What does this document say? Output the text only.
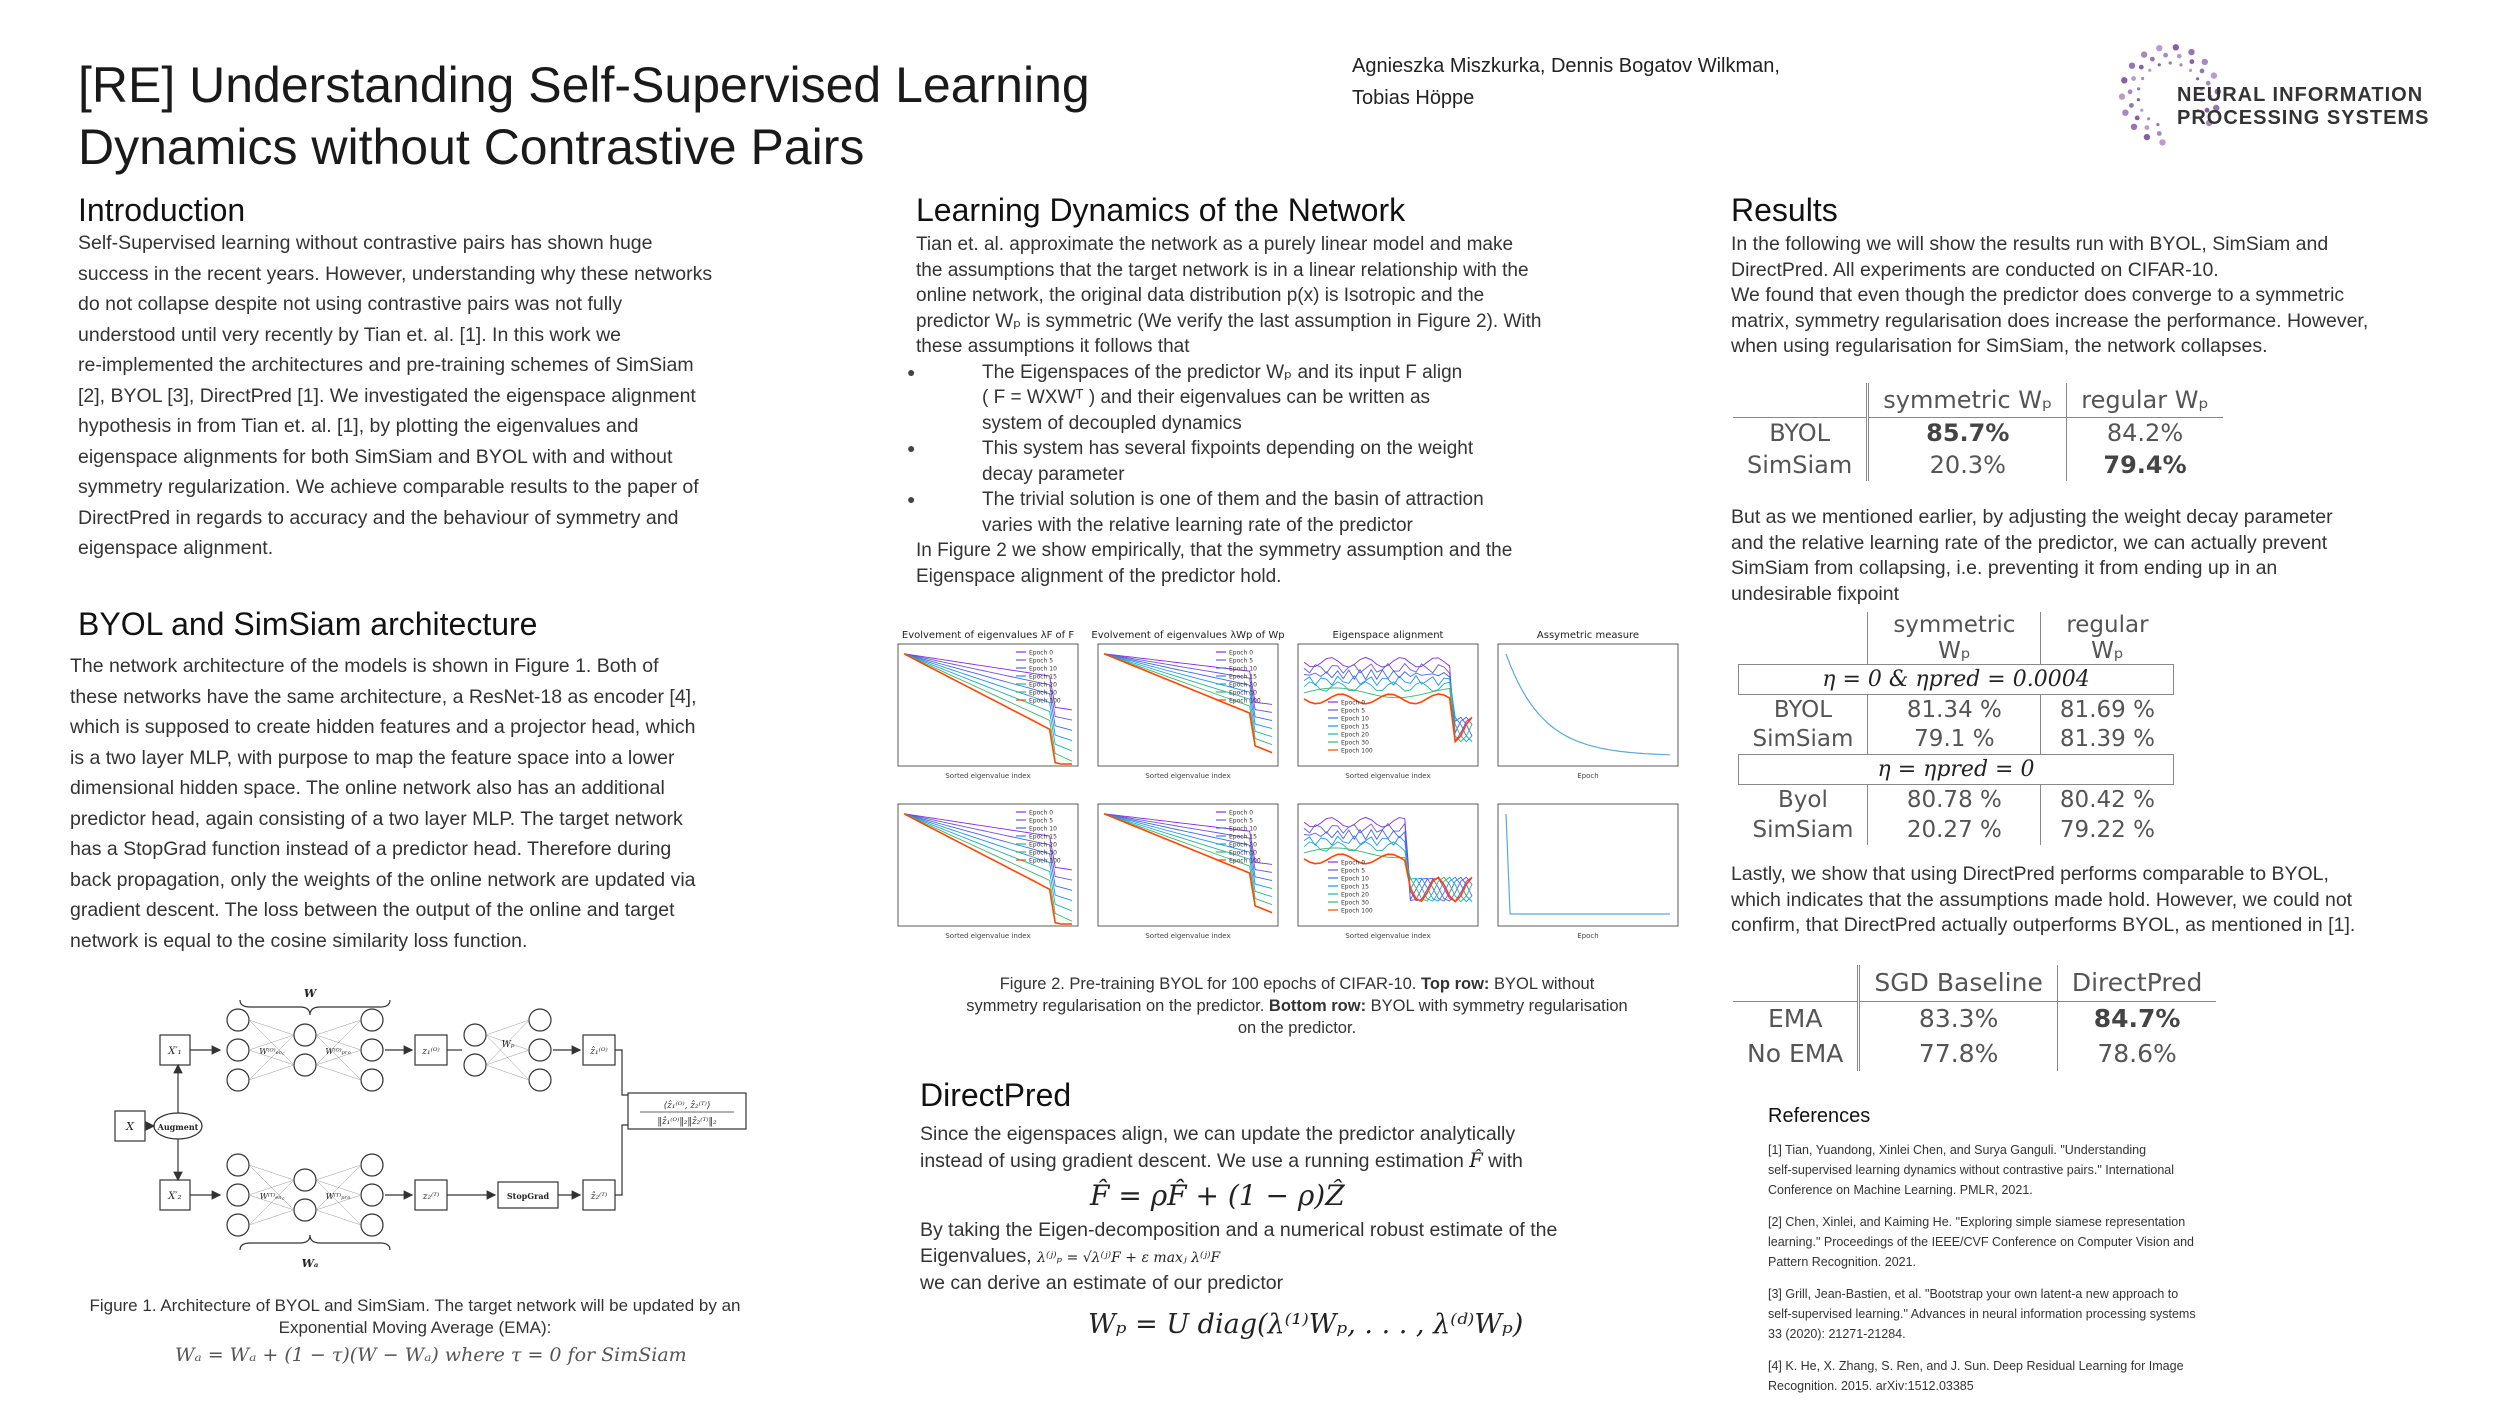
[RE] Understanding Self-Supervised Learning
Dynamics without Contrastive Pairs
Agnieszka Miszkurka, Dennis Bogatov Wilkman,
Tobias Höppe	NEURAL INFORMATION
PROCESSING SYSTEMS
Introduction
Self-Supervised learning without contrastive pairs has shown huge
success in the recent years. However, understanding why these networks
do not collapse despite not using contrastive pairs was not fully
understood until very recently by Tian et. al. [1]. In this work we
re-implemented the architectures and pre-training schemes of SimSiam
[2], BYOL [3], DirectPred [1]. We investigated the eigenspace alignment
hypothesis in from Tian et. al. [1], by plotting the eigenvalues and
eigenspace alignments for both SimSiam and BYOL with and without
symmetry regularization. We achieve comparable results to the paper of
DirectPred in regards to accuracy and the behaviour of symmetry and
eigenspace alignment.
BYOL and SimSiam architecture
The network architecture of the models is shown in Figure 1. Both of
these networks have the same architecture, a ResNet-18 as encoder [4],
which is supposed to create hidden features and a projector head, which
is a two layer MLP, with purpose to map the feature space into a lower
dimensional hidden space. The online network also has an additional
predictor head, again consisting of a two layer MLP. The target network
has a StopGrad function instead of a predictor head. Therefore during
back propagation, only the weights of the online network are updated via
gradient descent. The loss between the output of the online and target
network is equal to the cosine similarity loss function.
W
Wₐ
X	Augment
X′₁
X′₂
W⁽ᴼ⁾ₑₙ꜀	W⁽ᴼ⁾ₚᵣₒ
W⁽ᵀ⁾ₑₙ꜀	W⁽ᵀ⁾ₚᵣₒ
z₁⁽ᴼ⁾
Wₚ
ẑ₁⁽ᴼ⁾
z₂⁽ᵀ⁾	StopGrad	ẑ₂⁽ᵀ⁾
⟨ẑ₁⁽ᴼ⁾, ẑ₂⁽ᵀ⁾⟩
‖ẑ₁⁽ᴼ⁾‖₂‖ẑ₂⁽ᵀ⁾‖₂
Figure 1. Architecture of BYOL and SimSiam. The target network will be updated by an
Exponential Moving Average (EMA):
Wₐ = Wₐ + (1 − τ)(W − Wₐ) where τ = 0 for SimSiam
Learning Dynamics of the Network
Tian et. al. approximate the network as a purely linear model and make
the assumptions that the target network is in a linear relationship with the
online network, the original data distribution p(x) is Isotropic and the
predictor Wₚ is symmetric (We verify the last assumption in Figure 2). With
these assumptions it follows that
● The Eigenspaces of the predictor Wₚ and its input F align
( F = WXWᵀ ) and their eigenvalues can be written as
system of decoupled dynamics
● This system has several fixpoints depending on the weight
decay parameter
● The trivial solution is one of them and the basin of attraction
varies with the relative learning rate of the predictor
In Figure 2 we show empirically, that the symmetry assumption and the
Eigenspace alignment of the predictor hold.
Evolvement of eigenvalues λF of F
Sorted eigenvalue index
Epoch 0
Epoch 5
Epoch 10
Epoch 15
Epoch 20
Epoch 30
Epoch 100
Evolvement of eigenvalues λWp of Wp
Sorted eigenvalue index
Epoch 0
Epoch 5
Epoch 10
Epoch 15
Epoch 20
Epoch 30
Epoch 100
Eigenspace alignment
Sorted eigenvalue index
Epoch 0
Epoch 5
Epoch 10
Epoch 15
Epoch 20
Epoch 30
Epoch 100
Assymetric measure
Epoch
Sorted eigenvalue index
Epoch 0
Epoch 5
Epoch 10
Epoch 15
Epoch 20
Epoch 30
Epoch 100
Sorted eigenvalue index
Epoch 0
Epoch 5
Epoch 10
Epoch 15
Epoch 20
Epoch 30
Epoch 100
Sorted eigenvalue index
Epoch 0
Epoch 5
Epoch 10
Epoch 15
Epoch 20
Epoch 30
Epoch 100
Epoch
Figure 2. Pre-training BYOL for 100 epochs of CIFAR-10. Top row: BYOL without
symmetry regularisation on the predictor. Bottom row: BYOL with symmetry regularisation
on the predictor.
DirectPred
Since the eigenspaces align, we can update the predictor analytically
instead of using gradient descent. We use a running estimation F̂ with
F̂ = ρF̂ + (1 − ρ)Ẑ
By taking the Eigen-decomposition and a numerical robust estimate of the
Eigenvalues, λ⁽ʲ⁾ₚ = √λ⁽ʲ⁾F + ε maxⱼ λ⁽ʲ⁾F
we can derive an estimate of our predictor
Wₚ = U diag(λ⁽¹⁾Wₚ, . . . , λ⁽ᵈ⁾Wₚ)
Results
In the following we will show the results run with BYOL, SimSiam and
DirectPred. All experiments are conducted on CIFAR-10.
We found that even though the predictor does converge to a symmetric
matrix, symmetry regularisation does increase the performance. However,
when using regularisation for SimSiam, the network collapses.
	symmetric Wₚ	regular Wₚ
BYOL	85.7%	84.2%
SimSiam	20.3%	79.4%
But as we mentioned earlier, by adjusting the weight decay parameter
and the relative learning rate of the predictor, we can actually prevent
SimSiam from collapsing, i.e. preventing it from ending up in an
undesirable fixpoint
	symmetric Wₚ	regular Wₚ
η = 0 & ηpred = 0.0004		
BYOL	81.34 %	81.69 %
SimSiam	79.1 %	81.39 %
η = ηpred = 0		
Byol	80.78 %	80.42 %
SimSiam	20.27 %	79.22 %
Lastly, we show that using DirectPred performs comparable to BYOL,
which indicates that the assumptions made hold. However, we could not
confirm, that DirectPred actually outperforms BYOL, as mentioned in [1].
	SGD Baseline	DirectPred
EMA	83.3%	84.7%
No EMA	77.8%	78.6%
References
[1] Tian, Yuandong, Xinlei Chen, and Surya Ganguli. "Understanding
self-supervised learning dynamics without contrastive pairs." International
Conference on Machine Learning. PMLR, 2021.
[2] Chen, Xinlei, and Kaiming He. "Exploring simple siamese representation
learning." Proceedings of the IEEE/CVF Conference on Computer Vision and
Pattern Recognition. 2021.
[3] Grill, Jean-Bastien, et al. "Bootstrap your own latent-a new approach to
self-supervised learning." Advances in neural information processing systems
33 (2020): 21271-21284.
[4] K. He, X. Zhang, S. Ren, and J. Sun. Deep Residual Learning for Image
Recognition. 2015. arXiv:1512.03385
